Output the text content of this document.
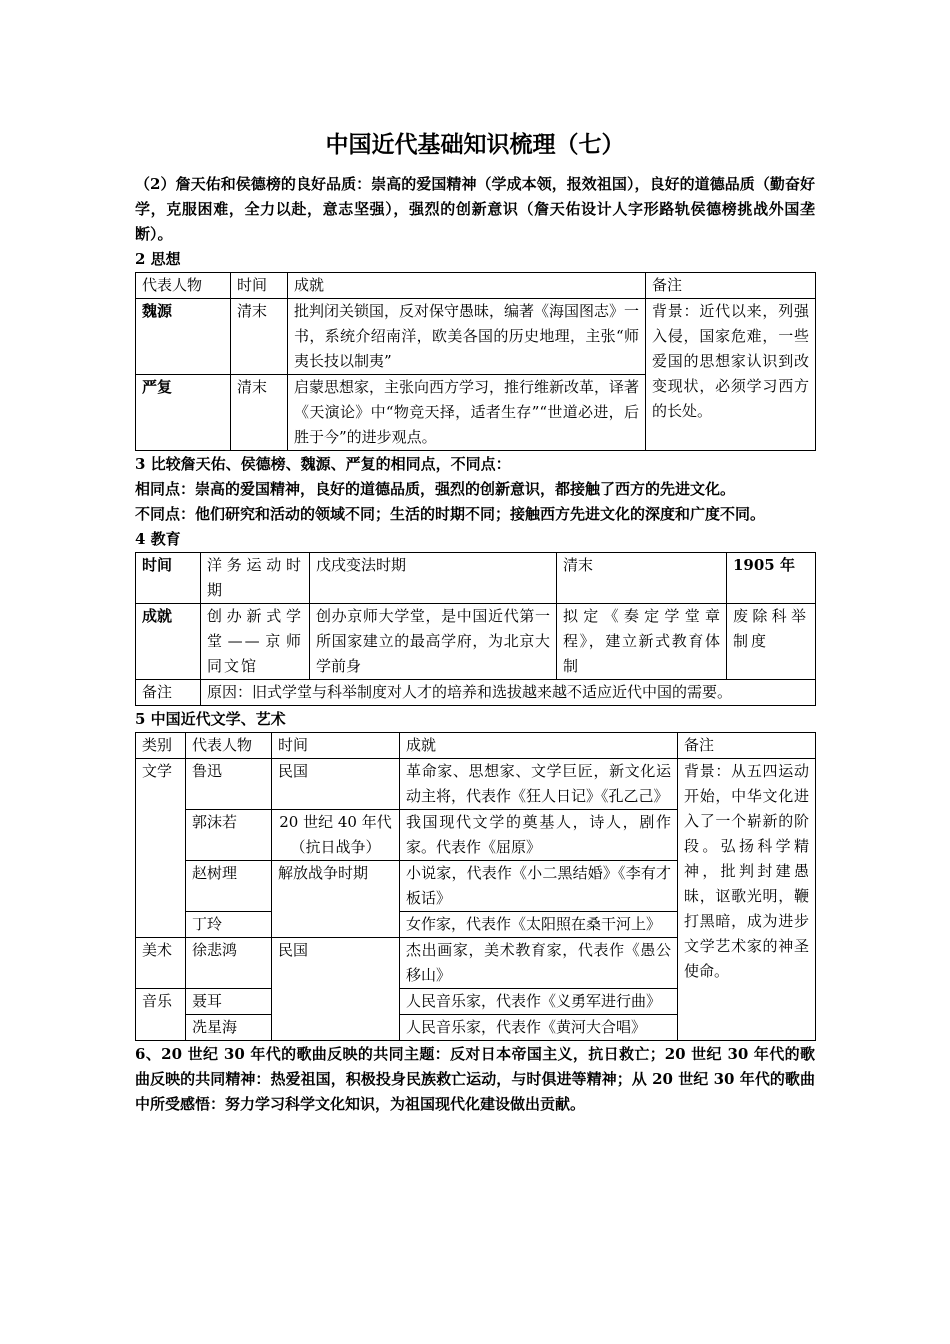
中国近代基础知识梳理（七）

（2）詹天佑和侯德榜的良好品质：崇高的爱国精神（学成本领，报效祖国），良好的道德品质（勤奋好学，克服困难，全力以赴，意志坚强），强烈的创新意识（詹天佑设计人字形路轨侯德榜挑战外国垄断）。

2 思想

代表人物	时间	成就	备注
魏源	清末	批判闭关锁国，反对保守愚昧，编著《海国图志》一书，系统介绍南洋，欧美各国的历史地理，主张“师夷长技以制夷”	背景：近代以来，列强入侵，国家危难，一些爱国的思想家认识到改变现状，必须学习西方的长处。
严复	清末	启蒙思想家，主张向西方学习，推行维新改革，译著《天演论》中“物竞天择，适者生存”“世道必进，后胜于今”的进步观点。	

3 比较詹天佑、侯德榜、魏源、严复的相同点，不同点：

相同点：崇高的爱国精神，良好的道德品质，强烈的创新意识，都接触了西方的先进文化。

不同点：他们研究和活动的领域不同；生活的时期不同；接触西方先进文化的深度和广度不同。

4 教育

时间	洋务运动时期	戊戌变法时期	清末	1905 年
成就	创办新式学堂——京师同文馆	创办京师大学堂，是中国近代第一所国家建立的最高学府，为北京大学前身	拟定《奏定学堂章程》，建立新式教育体制	废除科举制度
备注	原因：旧式学堂与科举制度对人才的培养和选拔越来越不适应近代中国的需要。			

5 中国近代文学、艺术

类别	代表人物	时间	成就	备注
文学	鲁迅	民国	革命家、思想家、文学巨匠，新文化运动主将，代表作《狂人日记》《孔乙己》	背景：从五四运动开始，中华文化进入了一个崭新的阶段。弘扬科学精神，批判封建愚昧，讴歌光明，鞭打黑暗，成为进步文学艺术家的神圣使命。
	郭沫若	20 世纪 40 年代（抗日战争）	我国现代文学的奠基人，诗人，剧作家。代表作《屈原》	
	赵树理	解放战争时期	小说家，代表作《小二黑结婚》《李有才板话》	
	丁玲		女作家，代表作《太阳照在桑干河上》	
美术	徐悲鸿	民国	杰出画家，美术教育家，代表作《愚公移山》	
音乐	聂耳		人民音乐家，代表作《义勇军进行曲》	

	冼星海		人民音乐家，代表作《黄河大合唱》	

6、20 世纪 30 年代的歌曲反映的共同主题：反对日本帝国主义，抗日救亡；20 世纪 30 年代的歌曲反映的共同精神：热爱祖国，积极投身民族救亡运动，与时俱进等精神；从 20 世纪 30 年代的歌曲中所受感悟：努力学习科学文化知识，为祖国现代化建设做出贡献。
